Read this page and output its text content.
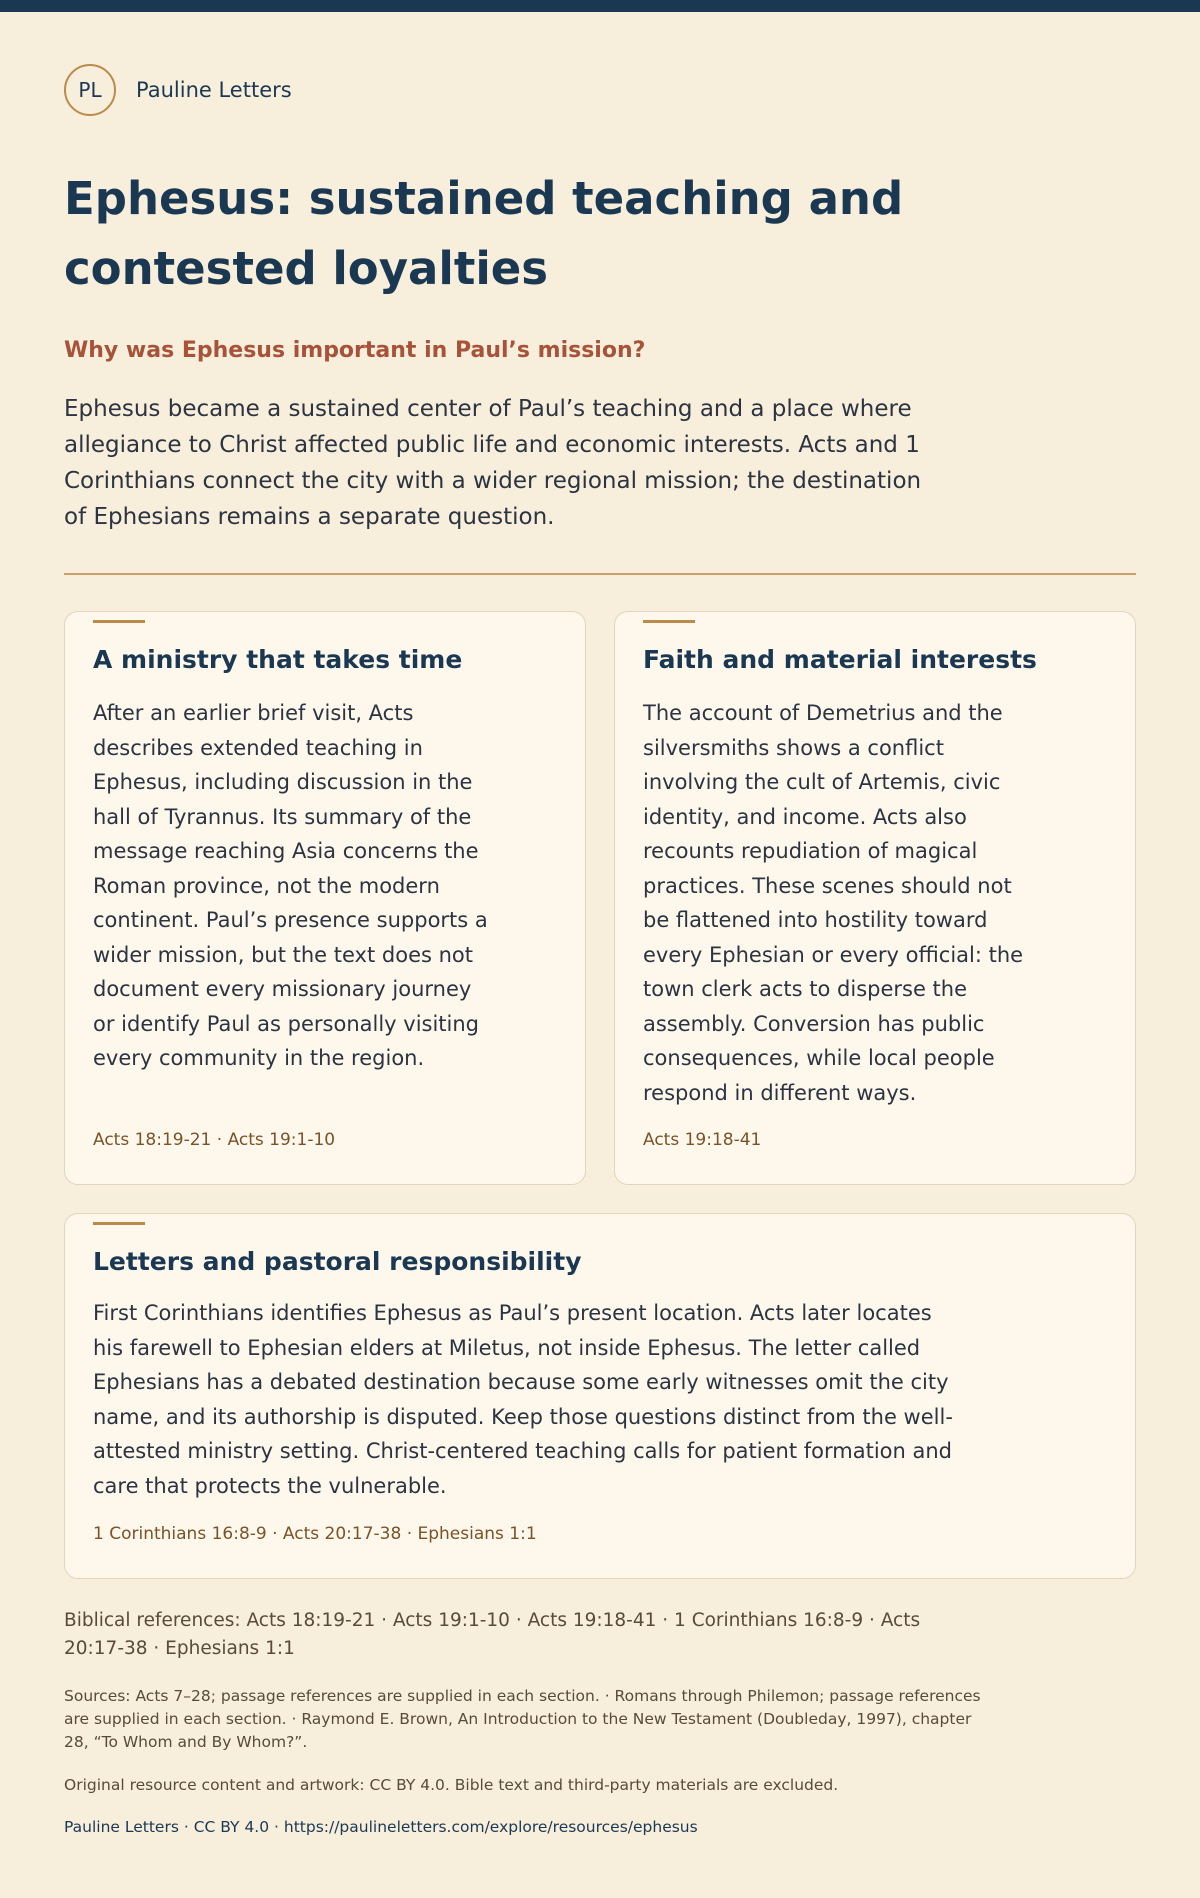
PL	Pauline Letters
Ephesus: sustained teaching and contested loyalties
Why was Ephesus important in Paul’s mission?

Ephesus became a sustained center of Paul’s teaching and a place where allegiance to Christ affected public life and economic interests. Acts and 1 Corinthians connect the city with a wider regional mission; the destination of Ephesians remains a separate question.

A ministry that takes time

After an earlier brief visit, Acts describes extended teaching in Ephesus, including discussion in the hall of Tyrannus. Its summary of the message reaching Asia concerns the Roman province, not the modern continent. Paul’s presence supports a wider mission, but the text does not document every missionary journey or identify Paul as personally visiting every community in the region.

Acts 18:19-21 · Acts 19:1-10
Faith and material interests

The account of Demetrius and the silversmiths shows a conflict involving the cult of Artemis, civic identity, and income. Acts also recounts repudiation of magical practices. These scenes should not be flattened into hostility toward every Ephesian or every official: the town clerk acts to disperse the assembly. Conversion has public consequences, while local people respond in different ways.

Acts 19:18-41
Letters and pastoral responsibility

First Corinthians identifies Ephesus as Paul’s present location. Acts later locates his farewell to Ephesian elders at Miletus, not inside Ephesus. The letter called Ephesians has a debated destination because some early witnesses omit the city name, and its authorship is disputed. Keep those questions distinct from the well-attested ministry setting. Christ-centered teaching calls for patient formation and care that protects the vulnerable.

1 Corinthians 16:8-9 · Acts 20:17-38 · Ephesians 1:1

Biblical references: Acts 18:19-21 · Acts 19:1-10 · Acts 19:18-41 · 1 Corinthians 16:8-9 · Acts 20:17-38 · Ephesians 1:1

Sources: Acts 7–28; passage references are supplied in each section. · Romans through Philemon; passage references are supplied in each section. · Raymond E. Brown, An Introduction to the New Testament (Doubleday, 1997), chapter 28, “To Whom and By Whom?”.

Original resource content and artwork: CC BY 4.0. Bible text and third-party materials are excluded.

Pauline Letters · CC BY 4.0 · https://paulineletters.com/explore/resources/ephesus
